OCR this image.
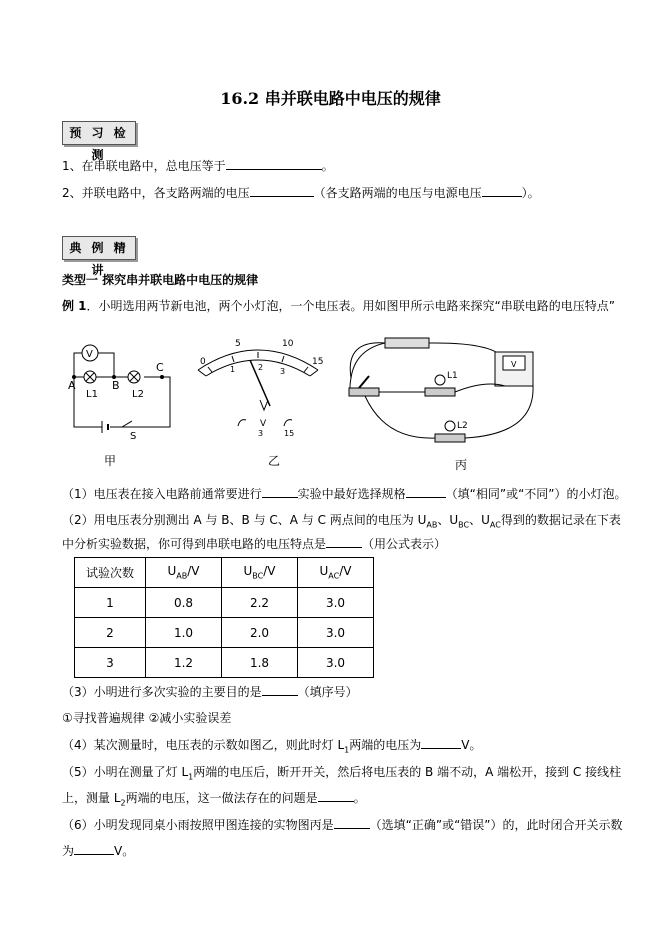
16.2 串并联电路中电压的规律
预 习 检 测
1、在串联电路中，总电压等于	。
2、并联电路中，各支路两端的电压	（各支路两端的电压与电源电压	）。
典 例 精 讲
类型一 探究串并联电路中电压的规律
例 1．小明选用两节新电池，两个小灯泡，一个电压表。用如图甲所示电路来探究“串联电路的电压特点”
V
A	B
C
L1	L2
S
甲
5	10
15
0
1	2 3
V
3	15
乙
V
L1
L2
丙
（1）电压表在接入电路前通常要进行	实验中最好选择规格	（填“相同”或“不同”）的小灯泡。
（2）用电压表分别测出 A 与 B、B 与 C、A 与 C 两点间的电压为 $U_{AB}$、$U_{BC}$、$U_{AC}$得到的数据记录在下表
中分析实验数据，你可得到串联电路的电压特点是	（用公式表示）
试验次数	$U_{AB}/V$	$U_{BC}/V$	$U_{AC}/V$
1	0.8	2.2	3.0
2	1.0	2.0	3.0
3	1.2	1.8	3.0
（3）小明进行多次实验的主要目的是	（填序号）
①寻找普遍规律 ②减小实验误差
（4）某次测量时，电压表的示数如图乙，则此时灯 $L_1$两端的电压为	V。
（5）小明在测量了灯 $L_1$两端的电压后，断开开关，然后将电压表的 B 端不动，A 端松开，接到 C 接线柱
上，测量 $L_2$两端的电压，这一做法存在的问题是	。
（6）小明发现同桌小雨按照甲图连接的实物图丙是	（选填“正确”或“错误”）的，此时闭合开关示数
为	V。
